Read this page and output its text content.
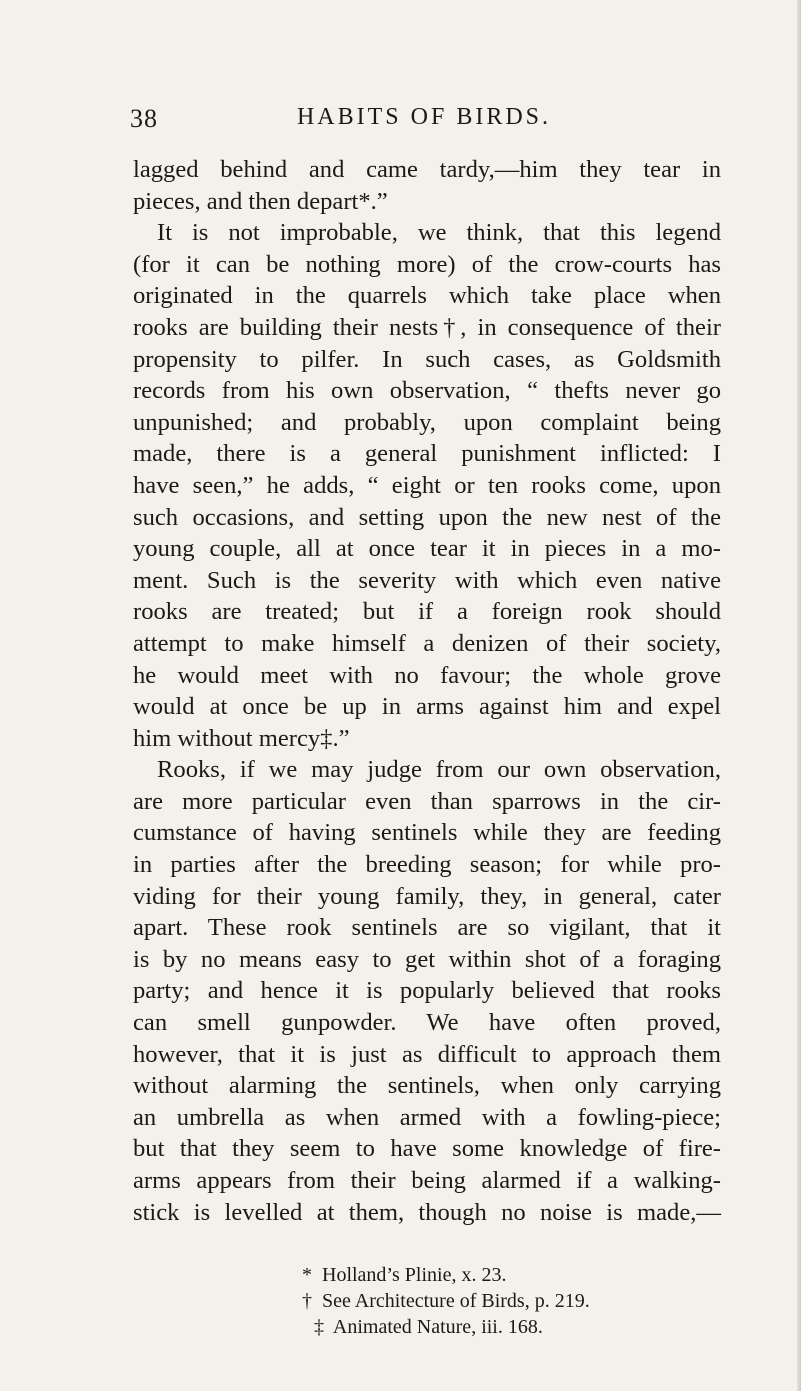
38	HABITS OF BIRDS.
lagged behind and came tardy,—him they tear in
pieces, and then depart*.”
It is not improbable, we think, that this legend
(for it can be nothing more) of the crow-courts has
originated in the quarrels which take place when
rooks are building their nests†, in consequence of their
propensity to pilfer. In such cases, as Goldsmith
records from his own observation, “ thefts never go
unpunished; and probably, upon complaint being
made, there is a general punishment inflicted: I
have seen,” he adds, “ eight or ten rooks come, upon
such occasions, and setting upon the new nest of the
young couple, all at once tear it in pieces in a mo-
ment. Such is the severity with which even native
rooks are treated; but if a foreign rook should
attempt to make himself a denizen of their society,
he would meet with no favour; the whole grove
would at once be up in arms against him and expel
him without mercy‡.”
Rooks, if we may judge from our own observation,
are more particular even than sparrows in the cir-
cumstance of having sentinels while they are feeding
in parties after the breeding season; for while pro-
viding for their young family, they, in general, cater
apart. These rook sentinels are so vigilant, that it
is by no means easy to get within shot of a foraging
party; and hence it is popularly believed that rooks
can smell gunpowder. We have often proved,
however, that it is just as difficult to approach them
without alarming the sentinels, when only carrying
an umbrella as when armed with a fowling-piece;
but that they seem to have some knowledge of fire-
arms appears from their being alarmed if a walking-
stick is levelled at them, though no noise is made,—
* Holland’s Plinie, x. 23.
† See Architecture of Birds, p. 219.
‡ Animated Nature, iii. 168.
